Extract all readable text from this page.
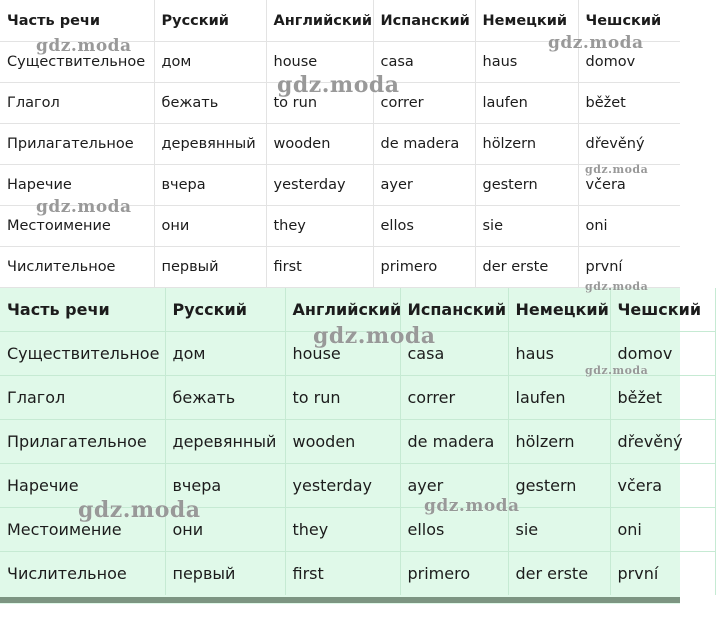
Часть речи	Русский	Английский	Испанский	Немецкий	Чешский
Существительное	дом	house	casa	haus	domov
Глагол	бежать	to run	correr	laufen	běžet
Прилагательное	деревянный	wooden	de madera	hölzern	dřevěný
Наречие	вчера	yesterday	ayer	gestern	včera
Местоимение	они	they	ellos	sie	oni
Числительное	первый	first	primero	der erste	první
Часть речи	Русский	Английский	Испанский	Немецкий	Чешский
Существительное	дом	house	casa	haus	domov
Глагол	бежать	to run	correr	laufen	běžet
Прилагательное	деревянный	wooden	de madera	hölzern	dřevěný
Наречие	вчера	yesterday	ayer	gestern	včera
Местоимение	они	they	ellos	sie	oni
Числительное	первый	first	primero	der erste	první
gdz.moda	gdz.moda
gdz.moda
gdz.moda
gdz.moda
gdz.moda
gdz.moda
gdz.moda
gdz.moda	gdz.moda
